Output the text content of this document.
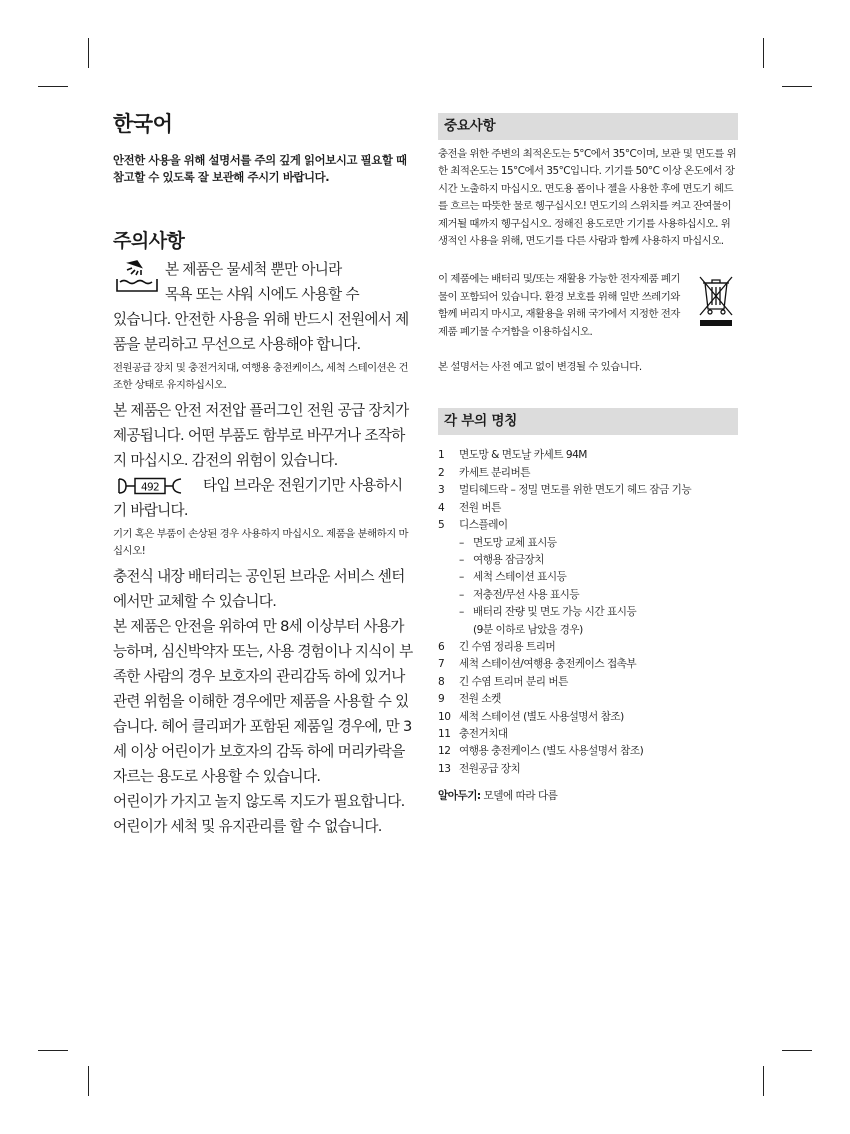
한국어
안전한 사용을 위해 설명서를 주의 깊게 읽어보시고 필요할 때 참고할 수 있도록 잘 보관해 주시기 바랍니다.
주의사항
본 제품은 물세척 뿐만 아니라
목욕 또는 샤워 시에도 사용할 수
있습니다. 안전한 사용을 위해 반드시 전원에서 제품을 분리하고 무선으로 사용해야 합니다.
전원공급 장치 및 충전거치대, 여행용 충전케이스, 세척 스테이션은 건조한 상태로 유지하십시오.
본 제품은 안전 저전압 플러그인 전원 공급 장치가 제공됩니다. 어떤 부품도 함부로 바꾸거나 조작하지 마십시오. 감전의 위험이 있습니다.
492	타입 브라운 전원기기만 사용하시기 바랍니다.
기기 혹은 부품이 손상된 경우 사용하지 마십시오. 제품을 분해하지 마십시오!
충전식 내장 배터리는 공인된 브라운 서비스 센터에서만 교체할 수 있습니다.
본 제품은 안전을 위하여 만 8세 이상부터 사용가능하며, 심신박약자 또는, 사용 경험이나 지식이 부족한 사람의 경우 보호자의 관리감독 하에 있거나 관련 위험을 이해한 경우에만 제품을 사용할 수 있습니다. 헤어 클리퍼가 포함된 제품일 경우에, 만 3세 이상 어린이가 보호자의 감독 하에 머리카락을 자르는 용도로 사용할 수 있습니다.
어린이가 가지고 놀지 않도록 지도가 필요합니다. 어린이가 세척 및 유지관리를 할 수 없습니다.
중요사항
충전을 위한 주변의 최적온도는 5°C에서 35°C이며, 보관 및 면도를 위한 최적온도는 15°C에서 35°C입니다. 기기를 50°C 이상 온도에서 장시간 노출하지 마십시오. 면도용 폼이나 젤을 사용한 후에 면도기 헤드를 흐르는 따뜻한 물로 헹구십시오! 면도기의 스위치를 켜고 잔여물이 제거될 때까지 헹구십시오. 정해진 용도로만 기기를 사용하십시오. 위생적인 사용을 위해, 면도기를 다른 사람과 함께 사용하지 마십시오.
이 제품에는 배터리 및/또는 재활용 가능한 전자제품 폐기물이 포함되어 있습니다. 환경 보호를 위해 일반 쓰레기와 함께 버리지 마시고, 재활용을 위해 국가에서 지정한 전자제품 폐기물 수거함을 이용하십시오.
본 설명서는 사전 예고 없이 변경될 수 있습니다.
각 부의 명칭
1	면도망 & 면도날 카세트 94M
2	카세트 분리버튼
3	멀티헤드락 – 정밀 면도를 위한 면도기 헤드 잠금 기능
4	전원 버튼
5	디스플레이
– 면도망 교체 표시등
– 여행용 잠금장치
– 세척 스테이션 표시등
– 저충전/무선 사용 표시등
– 배터리 잔량 및 면도 가능 시간 표시등
(9분 이하로 남았을 경우)
6	긴 수염 정리용 트리머
7	세척 스테이션/여행용 충전케이스 접촉부
8	긴 수염 트리머 분리 버튼
9	전원 소켓
10 세척 스테이션 (별도 사용설명서 참조)
11 충전거치대
12 여행용 충전케이스 (별도 사용설명서 참조)
13 전원공급 장치
알아두기: 모델에 따라 다름
